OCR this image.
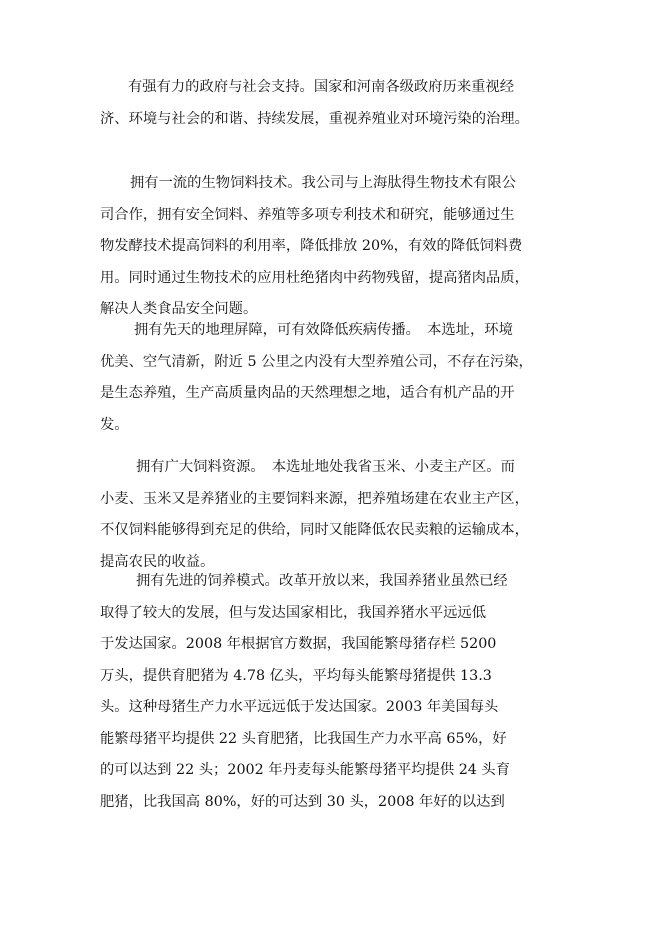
有强有力的政府与社会支持。国家和河南各级政府历来重视经
济、环境与社会的和谐、持续发展，重视养殖业对环境污染的治理。
拥有一流的生物饲料技术。我公司与上海肽得生物技术有限公
司合作，拥有安全饲料、养殖等多项专利技术和研究，能够通过生
物发酵技术提高饲料的利用率，降低排放 20%，有效的降低饲料费
用。同时通过生物技术的应用杜绝猪肉中药物残留，提高猪肉品质，
解决人类食品安全问题。
拥有先天的地理屏障，可有效降低疾病传播。　本选址，环境
优美、空气清新，附近 5 公里之内没有大型养殖公司，不存在污染，
是生态养殖，生产高质量肉品的天然理想之地，适合有机产品的开
发。
拥有广大饲料资源。　本选址地处我省玉米、小麦主产区。而
小麦、玉米又是养猪业的主要饲料来源，把养殖场建在农业主产区，
不仅饲料能够得到充足的供给，同时又能降低农民卖粮的运输成本，
提高农民的收益。
拥有先进的饲养模式。改革开放以来，我国养猪业虽然已经
取得了较大的发展，但与发达国家相比，我国养猪水平远远低
于发达国家。2008 年根据官方数据，我国能繁母猪存栏 5200
万头，提供育肥猪为 4.78 亿头，平均每头能繁母猪提供 13.3
头。这种母猪生产力水平远远低于发达国家。2003 年美国每头
能繁母猪平均提供 22 头育肥猪，比我国生产力水平高 65%，好
的可以达到 22 头；2002 年丹麦每头能繁母猪平均提供 24 头育
肥猪，比我国高 80%，好的可达到 30 头，2008 年好的以达到
